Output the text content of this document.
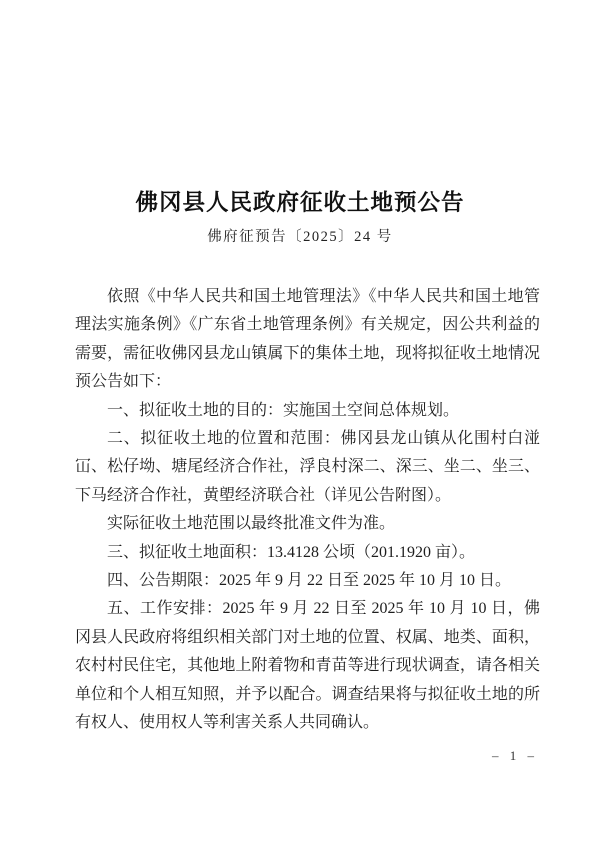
佛冈县人民政府征收土地预公告
佛府征预告〔2025〕24 号

依照《中华人民共和国土地管理法》《中华人民共和国土地管理法实施条例》《广东省土地管理条例》有关规定，因公共利益的需要，需征收佛冈县龙山镇属下的集体土地，现将拟征收土地情况预公告如下：

一、拟征收土地的目的：实施国土空间总体规划。

二、拟征收土地的位置和范围：佛冈县龙山镇从化围村白湴冚、松仔坳、塘尾经济合作社，浮良村深二、深三、坐二、坐三、下马经济合作社，黄塱经济联合社（详见公告附图）。

实际征收土地范围以最终批准文件为准。

三、拟征收土地面积：13.4128 公顷（201.1920 亩）。

四、公告期限：2025 年 9 月 22 日至 2025 年 10 月 10 日。

五、工作安排：2025 年 9 月 22 日至 2025 年 10 月 10 日，佛冈县人民政府将组织相关部门对土地的位置、权属、地类、面积，农村村民住宅，其他地上附着物和青苗等进行现状调查，请各相关单位和个人相互知照，并予以配合。调查结果将与拟征收土地的所有权人、使用权人等利害关系人共同确认。

– 1 –
